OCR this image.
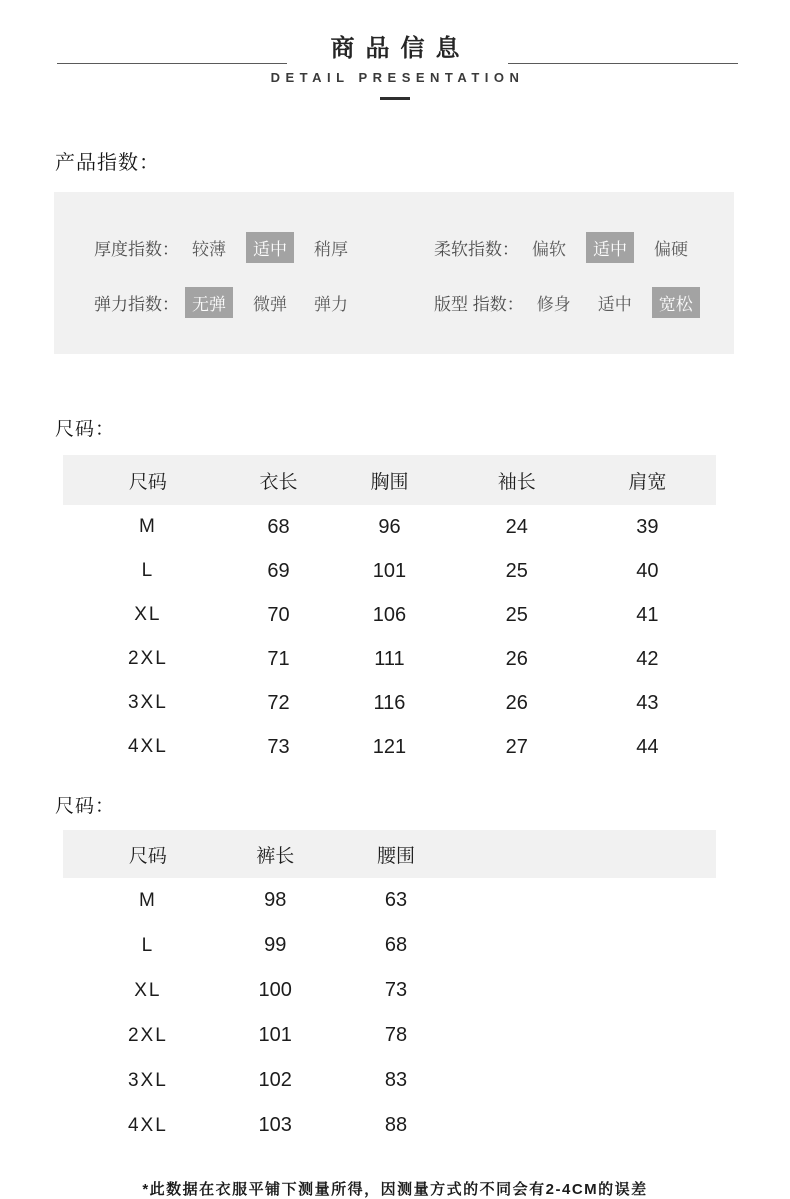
商品信息
DETAIL PRESENTATION
产品指数：
厚度指数： 较薄	适中	稍厚	柔软指数： 偏软	适中	偏硬
弹力指数： 无弹	微弹	弹力	版型 指数： 修身	适中	宽松
尺码：
尺码	衣长	胸围	袖长	肩宽
M	68	96	24	39
L	69	101	25	40
XL	70	106	25	41
2XL	71	111	26	42
3XL	72	116	26	43
4XL	73	121	27	44
尺码：
尺码	裤长	腰围
M	98	63
L	99	68
XL	100	73
2XL	101	78
3XL	102	83
4XL	103	88
*此数据在衣服平铺下测量所得，因测量方式的不同会有2-4CM的误差
